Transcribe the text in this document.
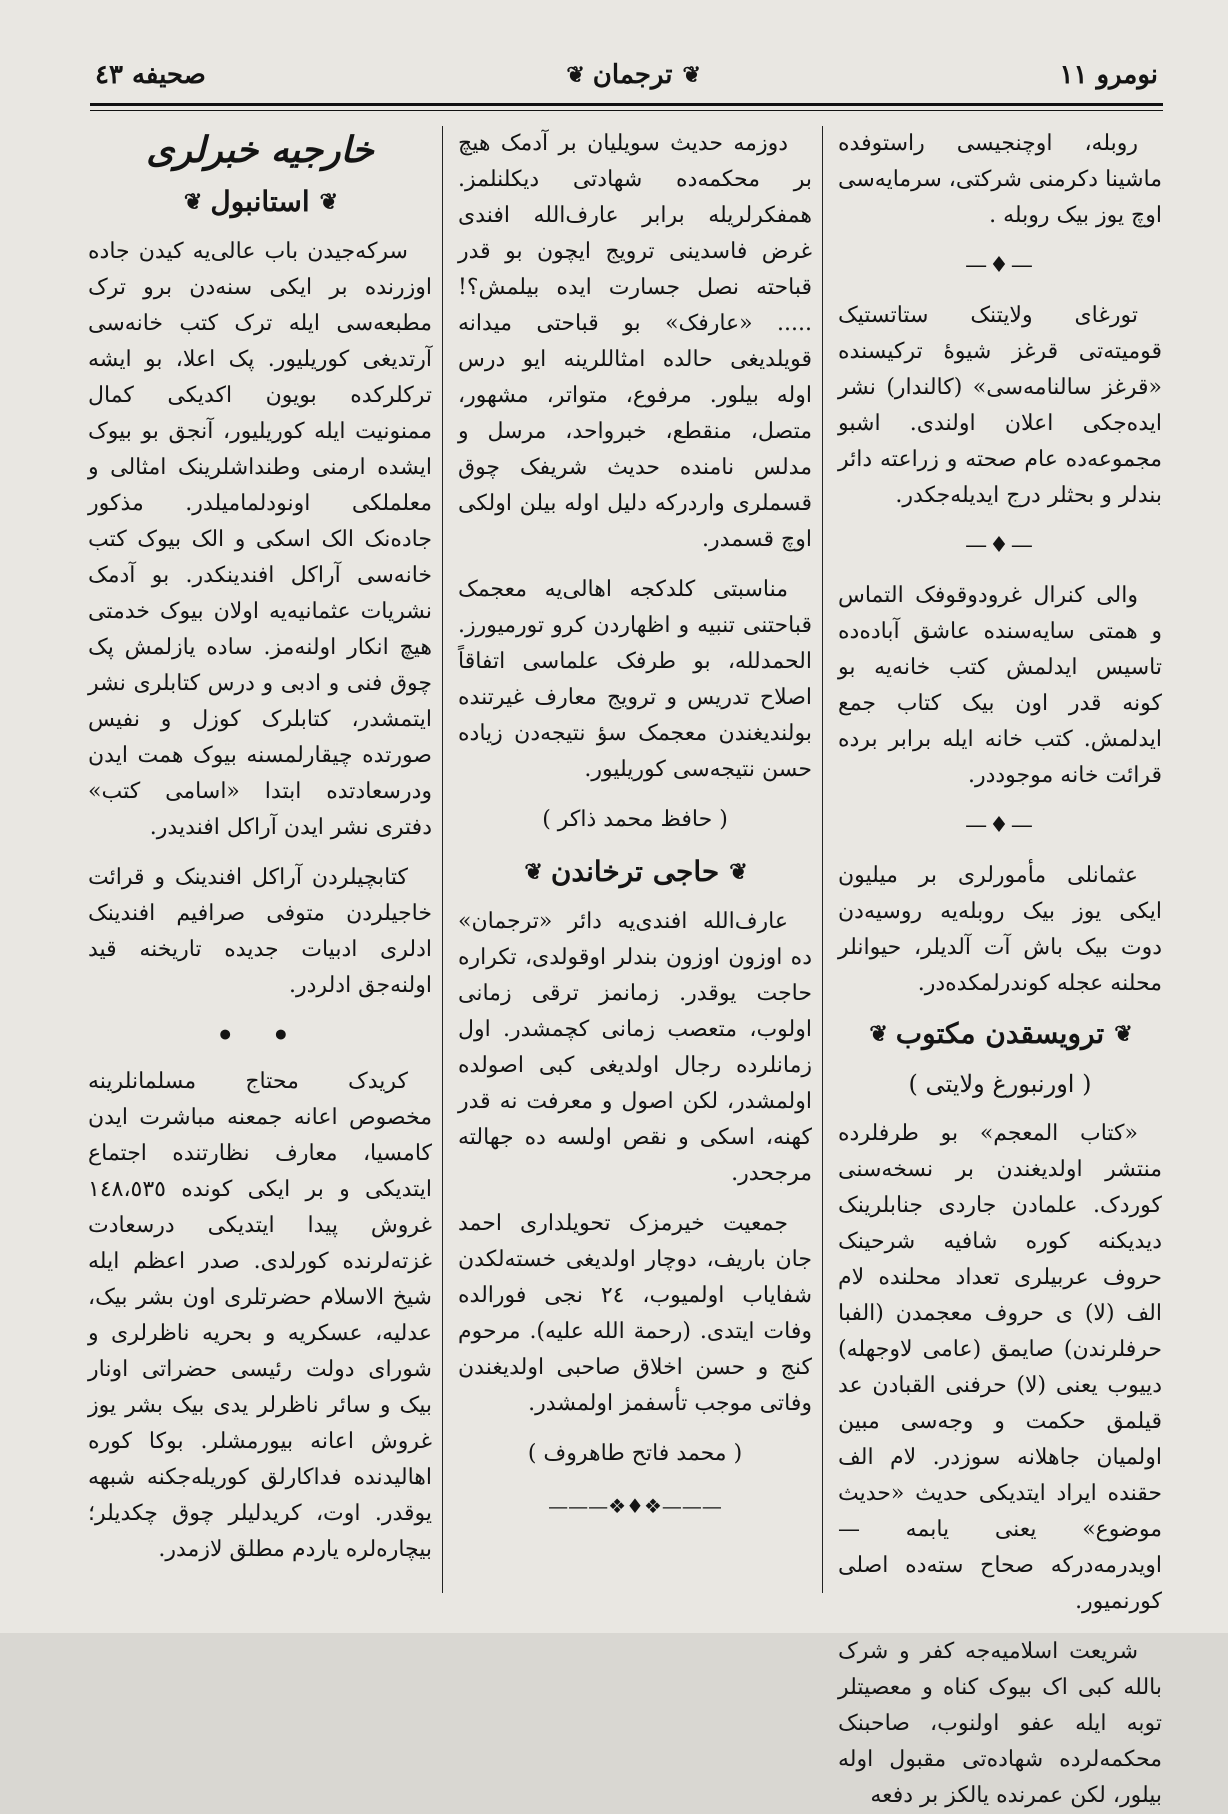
نومرو ١١
❦
ترجمان
❦
صحیفه ٤٣

روبله، اوچنجیسی راستوفده ماشینا دکرمنی شرکتی، سرمایه‌سی اوچ یوز بیک روبله .

—♦—

تورغای ولایتنک ستاتستیک قومیته‌تی قرغز شیوهٔ ترکیسنده «قرغز سالنامه‌سی» (کالندار) نشر ایده‌جکی اعلان اولندی. اشبو مجموعه‌ده عام صحته و زراعته دائر بندلر و بحثلر درج ایدیله‌جکدر.

—♦—

والی کنرال غرودوقوفک التماس و همتی سایه‌سنده عاشق آباده‌ده تاسیس ایدلمش کتب خانه‌یه بو کونه قدر اون بیک کتاب جمع ایدلمش. کتب خانه ایله برابر برده قرائت خانه موجوددر.

—♦—

عثمانلی مأمورلری بر میلیون ایکی یوز بیک روبله‌یه روسیه‌دن دوت بیک باش آت آلدیلر، حیوانلر محلنه عجله کوندرلمکده‌در.

❦
ترویسقدن مکتوب
❦
( اورنبورغ ولایتی )

«کتاب المعجم» بو طرفلرده منتشر اولدیغندن بر نسخه‌سنی کوردک. علمادن جاردی جنابلرینک دیدیکنه کوره شافیه شرحینک حروف عربیلری تعداد محلنده لام الف (لا) ی حروف معجمدن (الفبا حرفلرندن) صایمق (عامی لاوجهله) دییوب یعنی (لا) حرفنی القبادن عد قیلمق حکمت و وجه‌سی مبین اولمیان جاهلانه سوزدر. لام الف حقنده ایراد ایتدیکی حدیث «حدیث موضوع» یعنی یابمه — اویدرمه‌درکه صحاح سته‌ده اصلی کورنمیور.

شریعت اسلامیه‌جه کفر و شرک بالله کبی اک بیوک کناه و معصیتلر توبه ایله عفو اولنوب، صاحبنک محکمه‌لرده شهاده‌تی مقبول اوله بیلور، لکن عمرنده یالکز بر دفعه

دوزمه حدیث سویلیان بر آدمک هیچ بر محکمه‌ده شهادتی دیکلنلمز. همفکرلریله برابر عارف‌الله افندی غرض فاسدینی ترویج ایچون بو قدر قباحته نصل جسارت ایده بیلمش؟! ..... «عارفک» بو قباحتی میدانه قویلدیغی حالده امثاللرینه ایو درس اوله بیلور. مرفوع، متواتر، مشهور، متصل، منقطع، خبرواحد، مرسل و مدلس نامنده حدیث شریفک چوق قسملری واردرکه دلیل اوله بیلن اولکی اوچ قسمدر.

مناسبتی کلدکجه اهالی‌یه معجمک قباحتنی تنبیه و اظهاردن کرو تورمیورز. الحمدلله، بو طرفک علماسی اتفاقاً اصلاح تدریس و ترویج معارف غیرتنده بولندیغندن معجمک سؤ نتیجه‌دن زیاده حسن نتیجه‌سی کوریلیور.

( حافظ محمد ذاکر )
❦
حاجی ترخاندن
❦

عارف‌الله افندی‌یه دائر «ترجمان» ده اوزون اوزون بندلر اوقولدی، تکراره حاجت یوقدر. زمانمز ترقی زمانی اولوب، متعصب زمانی کچمشدر. اول زمانلرده رجال اولدیغی کبی اصولده اولمشدر، لکن اصول و معرفت نه قدر کهنه، اسکی و نقص اولسه ده جهالته مرجحدر.

جمعیت خیرمزک تحویلداری احمد جان باریف، دوچار اولدیغی خسته‌لکدن شفایاب اولمیوب، ٢٤ نجی فورالده وفات ایتدی. (رحمة الله علیه). مرحوم کنج و حسن اخلاق صاحبی اولدیغندن وفاتی موجب تأسفمز اولمشدر.

( محمد فاتح طاهروف )
———❖♦❖———
خارجیه خبرلری
❦
استانبول
❦

سرکه‌جیدن باب عالی‌یه کیدن جاده اوزرنده بر ایکی سنه‌دن برو ترک مطبعه‌سی ایله ترک کتب خانه‌سی آرتدیغی کوریلیور. پک اعلا، بو ایشه ترکلرکده بویون اکدیکی کمال ممنونیت ایله کوریلیور، آنجق بو بیوک ایشده ارمنی وطنداشلرینک امثالی و معلملکی اونودلمامیلدر. مذکور جاده‌نک الک اسکی و الک بیوک کتب خانه‌سی آراکل افندینکدر. بو آدمک نشریات عثمانیه‌یه اولان بیوک خدمتی هیچ انکار اولنه‌مز. ساده یازلمش پک چوق فنی و ادبی و درس کتابلری نشر ایتمشدر، کتابلرک کوزل و نفیس صورتده چیقارلمسنه بیوک همت ایدن ودرسعادتده ابتدا «اسامی کتب» دفتری نشر ایدن آراکل افندیدر.

کتابچیلردن آراکل افندینک و قرائت خاجیلردن متوفی صرافیم افندینک ادلری ادبیات جدیده تاریخنه قید اولنه‌جق ادلردر.

• •

کریدک محتاج مسلمانلرینه مخصوص اعانه جمعنه مباشرت ایدن کامسیا، معارف نظارتنده اجتماع ایتدیکی و بر ایکی کونده ١٤٨،٥٣٥ غروش پیدا ایتدیکی درسعادت غزته‌لرنده کورلدی. صدر اعظم ایله شیخ الاسلام حضرتلری اون بشر بیک، عدلیه، عسکریه و بحریه ناظرلری و شورای دولت رئیسی حضراتی اونار بیک و سائر ناظرلر یدی بیک بشر یوز غروش اعانه بیورمشلر. بوکا کوره اهالیدنده فداکارلق کوریله‌جکنه شبهه یوقدر. اوت، کریدلیلر چوق چکدیلر؛ بیچاره‌لره یاردم مطلق لازمدر.
